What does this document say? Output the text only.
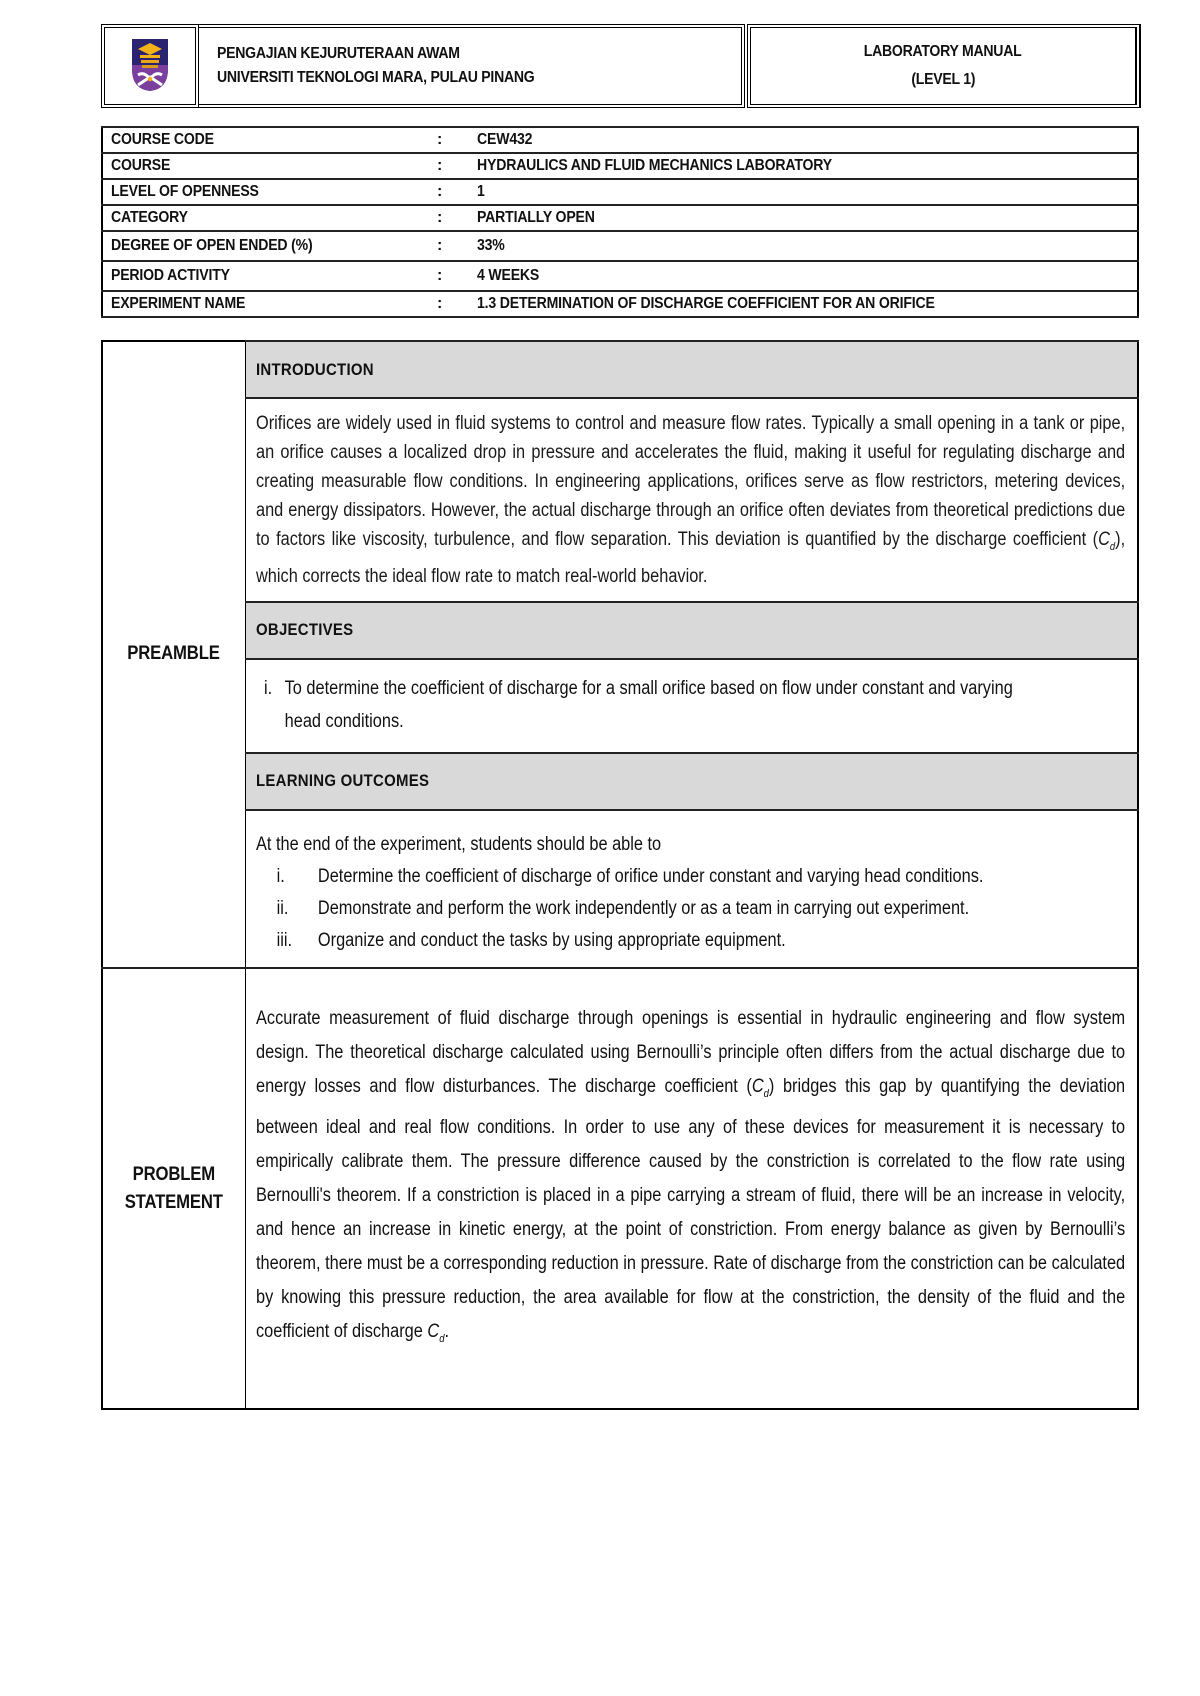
PENGAJIAN KEJURUTERAAN AWAM
UNIVERSITI TEKNOLOGI MARA, PULAU PINANG
LABORATORY MANUAL
(LEVEL 1)
COURSE CODE	:	CEW432
COURSE	:	HYDRAULICS AND FLUID MECHANICS LABORATORY
LEVEL OF OPENNESS	:	1
CATEGORY	:	PARTIALLY OPEN
DEGREE OF OPEN ENDED (%)	:	33%
PERIOD ACTIVITY	:	4 WEEKS
EXPERIMENT NAME	:	1.3 DETERMINATION OF DISCHARGE COEFFICIENT FOR AN ORIFICE
PREAMBLE	INTRODUCTION

	Orifices are widely used in fluid systems to control and measure flow rates. Typically a small opening in a tank or pipe, an orifice causes a localized drop in pressure and accelerates the fluid, making it useful for regulating discharge and creating measurable flow conditions. In engineering applications, orifices serve as flow restrictors, metering devices, and energy dissipators. However, the actual discharge through an orifice often deviates from theoretical predictions due to factors like viscosity, turbulence, and flow separation. This deviation is quantified by the discharge coefficient $(C_d)$, which corrects the ideal flow rate to match real-world behavior.

	OBJECTIVES

	i. To determine the coefficient of discharge for a small orifice based on flow under constant and varying head conditions.

	LEARNING OUTCOMES

At the end of the experiment, students should be able to
i.	Determine the coefficient of discharge of orifice under constant and varying head conditions.
ii.	Demonstrate and perform the work independently or as a team in carrying out experiment.
iii.	Organize and conduct the tasks by using appropriate equipment.

PROBLEM
STATEMENT	Accurate measurement of fluid discharge through openings is essential in hydraulic engineering and flow system design. The theoretical discharge calculated using Bernoulli’s principle often differs from the actual discharge due to energy losses and flow disturbances. The discharge coefficient $(C_d)$ bridges this gap by quantifying the deviation between ideal and real flow conditions. In order to use any of these devices for measurement it is necessary to empirically calibrate them. The pressure difference caused by the constriction is correlated to the flow rate using Bernoulli's theorem. If a constriction is placed in a pipe carrying a stream of fluid, there will be an increase in velocity, and hence an increase in kinetic energy, at the point of constriction. From energy balance as given by Bernoulli’s theorem, there must be a corresponding reduction in pressure. Rate of discharge from the constriction can be calculated by knowing this pressure reduction, the area available for flow at the constriction, the density of the fluid and the coefficient of discharge $C_d$.
